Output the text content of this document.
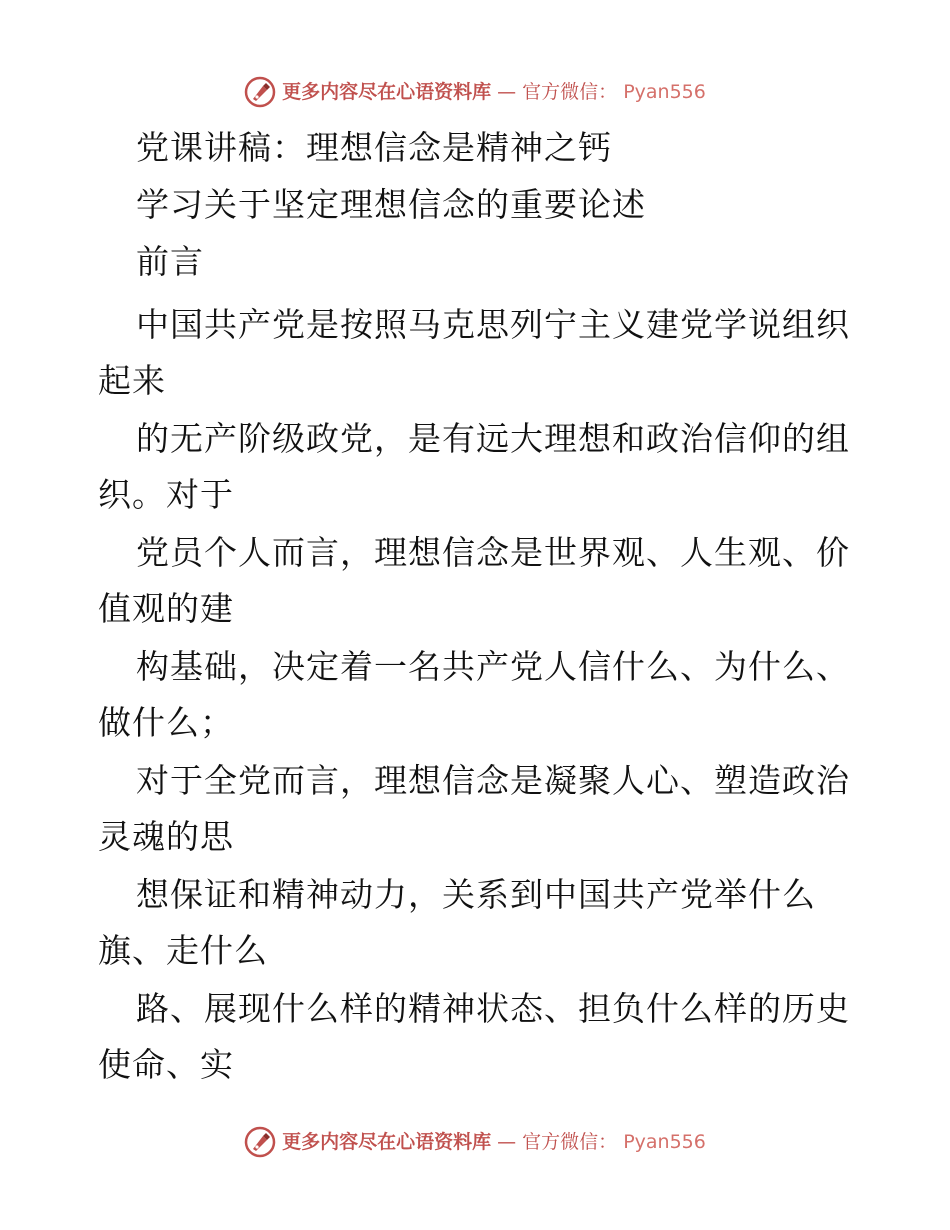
更多内容尽在心语资料库 — 官方微信： Pyan556
党课讲稿：理想信念是精神之钙
学习关于坚定理想信念的重要论述
前言
中国共产党是按照马克思列宁主义建党学说组织
起来
的无产阶级政党，是有远大理想和政治信仰的组
织。对于
党员个人而言，理想信念是世界观、人生观、价
值观的建
构基础，决定着一名共产党人信什么、为什么、
做什么；
对于全党而言，理想信念是凝聚人心、塑造政治
灵魂的思
想保证和精神动力，关系到中国共产党举什么
旗、走什么
路、展现什么样的精神状态、担负什么样的历史
使命、实
更多内容尽在心语资料库 — 官方微信： Pyan556
